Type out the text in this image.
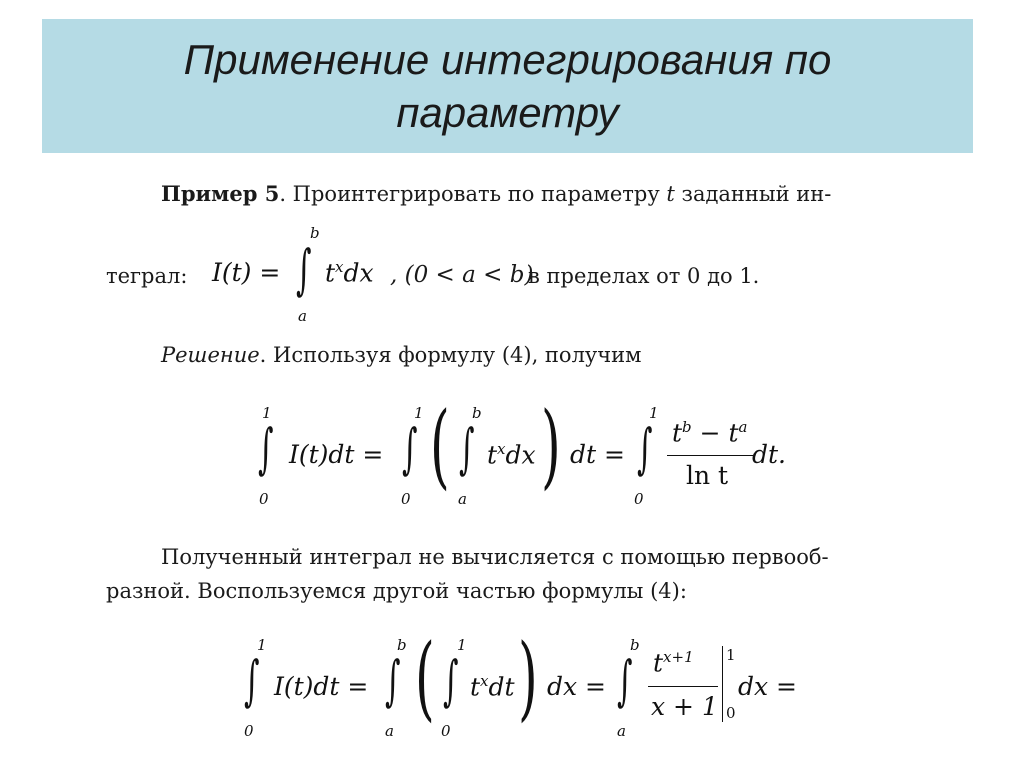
Применение интегрирования по
параметру
Пример 5. Проинтегрировать по параметру t заданный ин-
теграл: I(t) =
b
∫
a
$t^xdx$ , (0 < a < b)
в пределах от 0 до 1.
Решение. Используя формулу (4), получим
1
∫
0
I(t)dt =
1
∫
0 ( b
∫
a
$t^xdx$ ) dt =
1
∫
0
$t^b - t^a$
ln t
dt.
Полученный интеграл не вычисляется с помощью первооб-
разной. Воспользуемся другой частью формулы (4):
1
∫
0
I(t)dt =
b
∫
a ( 1
∫
0
$t^xdt$ ) dx =
b
∫
a
$t^{x+1}$
x + 1
1
0
dx =
